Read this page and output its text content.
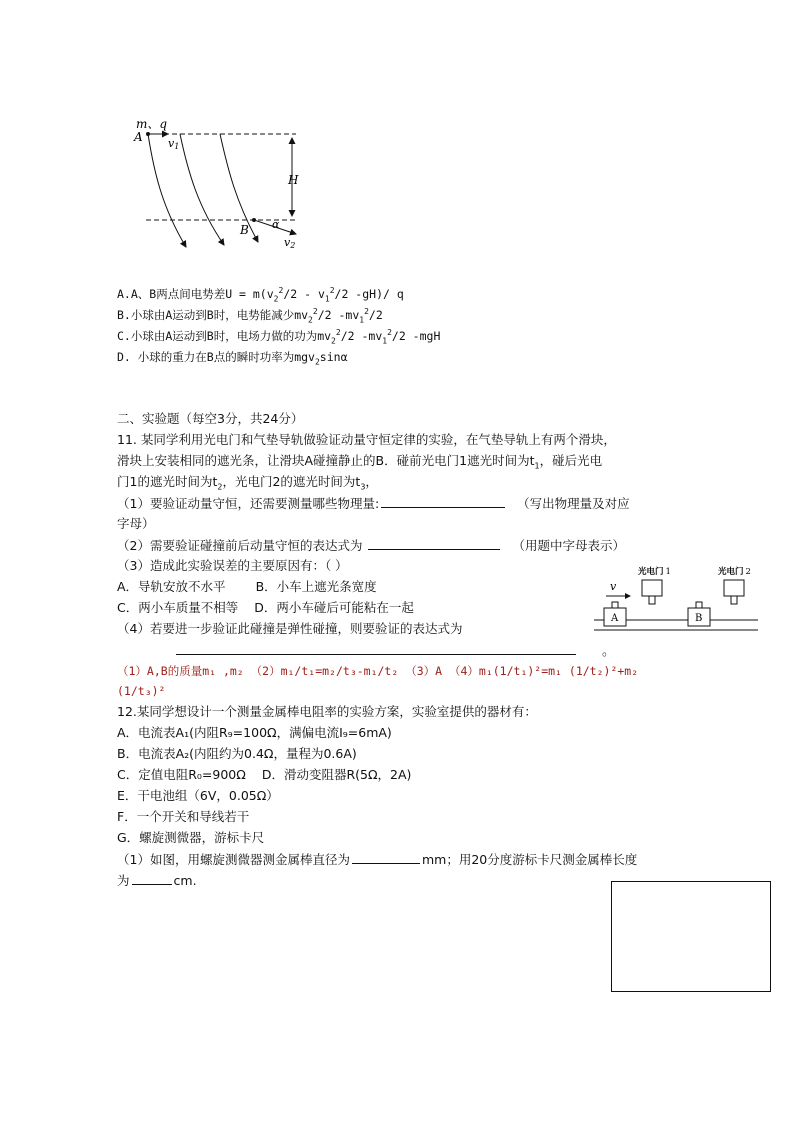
m、q
A v1
H
B α
v2
A.A、B两点间电势差$U = m(v_2^2/2 - v_1^2/2$ -gH)/ q
B.小球由A运动到B时，电势能减少$mv_2^2/2$ $-mv_1^2/2$
C.小球由A运动到B时，电场力做的功为$mv_2^2/2$ $-mv_1^2/2$ -mgH
D. 小球的重力在B点的瞬时功率为mgv$_2$sinα
二、实验题（每空3分，共24分）
11. 某同学利用光电门和气垫导轨做验证动量守恒定律的实验，在气垫导轨上有两个滑块，
滑块上安装相同的遮光条，让滑块A碰撞静止的B．碰前光电门1遮光时间为$t_1$，碰后光电
门1的遮光时间为$t_2$，光电门2的遮光时间为$t_3$，
（1）要验证动量守恒，还需要测量哪些物理量:	（写出物理量及对应
字母）
（2）需要验证碰撞前后动量守恒的表达式为	（用题中字母表示）
（3）造成此实验误差的主要原因有：（ ）
A．导轨安放不水平 B．小车上遮光条宽度
C．两小车质量不相等 D．两小车碰后可能粘在一起
（4）若要进一步验证此碰撞是弹性碰撞，则要验证的表达式为
。
（1）A,B的质量m₁ ,m₂ （2）m₁/t₁=m₂/t₃-m₁/t₂ （3）A （4）m₁(1/t₁)²=m₁ (1/t₂)²+m₂
(1/t₃)²
光电门 1	光电门 2
v
A	B
12.某同学想设计一个测量金属棒电阻率的实验方案，实验室提供的器材有：
A．电流表A₁(内阻R₉=100Ω，满偏电流I₉=6mA)
B．电流表A₂(内阻约为0.4Ω，量程为0.6A)
C．定值电阻R₀=900Ω D．滑动变阻器R(5Ω，2A)
E．干电池组（6V，0.05Ω）
F．一个开关和导线若干
G．螺旋测微器，游标卡尺
（1）如图，用螺旋测微器测金属棒直径为	mm；用20分度游标卡尺测金属棒长度
为	cm.
